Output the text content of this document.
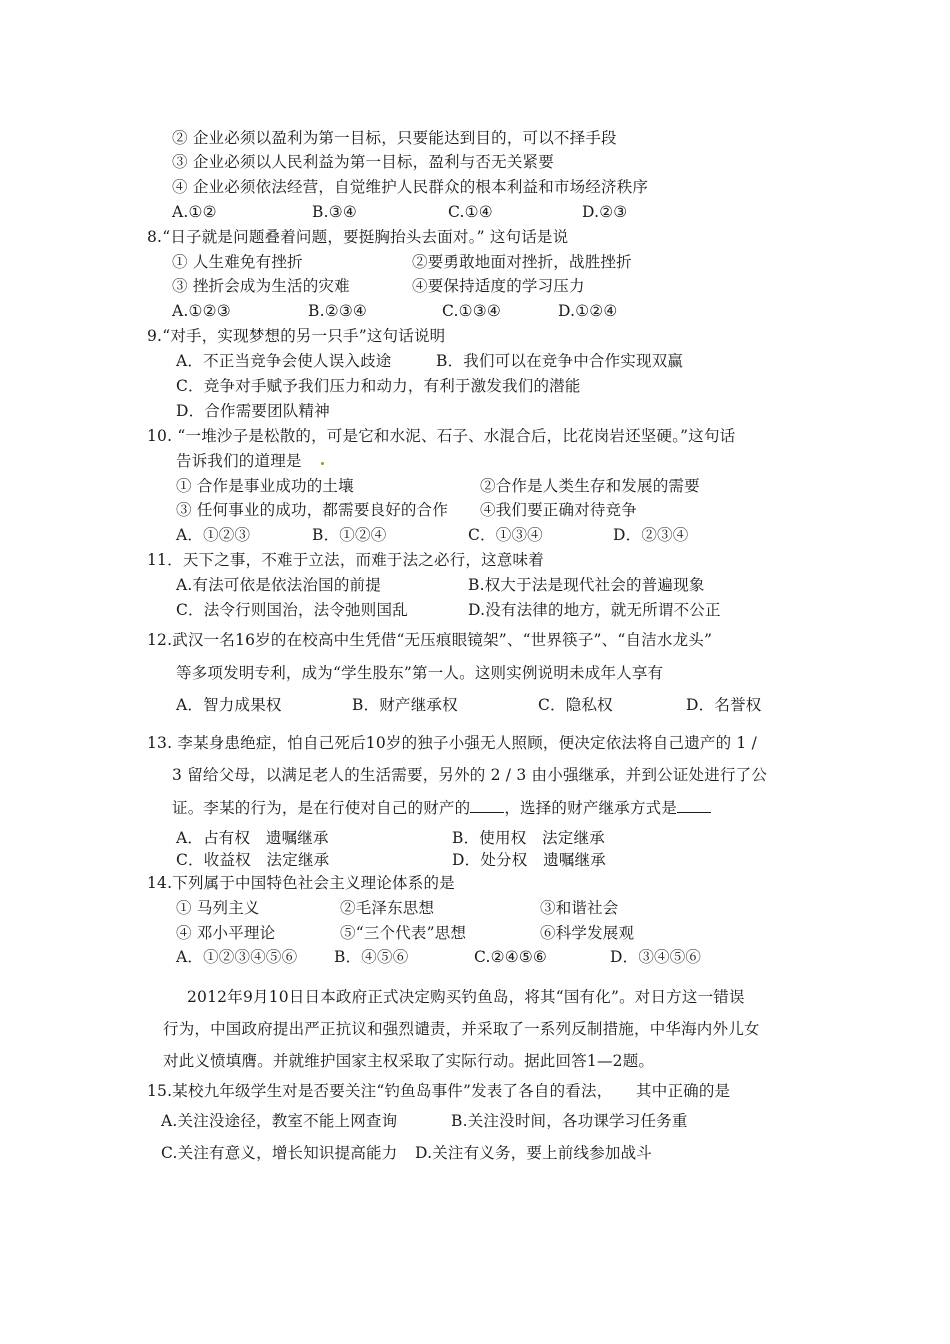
② 企业必须以盈利为第一目标，只要能达到目的，可以不择手段
③ 企业必须以人民利益为第一目标，盈利与否无关紧要
④ 企业必须依法经营，自觉维护人民群众的根本利益和市场经济秩序
A.①②	B.③④	C.①④	D.②③
8.“日子就是问题叠着问题，要挺胸抬头去面对。” 这句话是说
① 人生难免有挫折	②要勇敢地面对挫折，战胜挫折
③ 挫折会成为生活的灾难	④要保持适度的学习压力
A.①②③	B.②③④	C.①③④	D.①②④
9.“对手，实现梦想的另一只手”这句话说明
A．不正当竞争会使人误入歧途	B．我们可以在竞争中合作实现双赢
C．竞争对手赋予我们压力和动力，有利于激发我们的潜能
D．合作需要团队精神
10. “一堆沙子是松散的，可是它和水泥、石子、水混合后，比花岗岩还坚硬。”这句话
告诉我们的道理是
① 合作是事业成功的土壤	②合作是人类生存和发展的需要
③ 任何事业的成功，都需要良好的合作 ④我们要正确对待竞争
A．①②③	B．①②④	C．①③④	D．②③④
11．天下之事，不难于立法，而难于法之必行，这意味着
A.有法可依是依法治国的前提	B.权大于法是现代社会的普遍现象
C．法令行则国治，法令弛则国乱	D.没有法律的地方，就无所谓不公正
12.武汉一名16岁的在校高中生凭借“无压痕眼镜架”、“世界筷子”、“自洁水龙头”
等多项发明专利，成为“学生股东”第一人。这则实例说明未成年人享有
A．智力成果权	B．财产继承权	C．隐私权	D．名誉权
13. 李某身患绝症，怕自己死后10岁的独子小强无人照顾，便决定依法将自己遗产的 1 /
3 留给父母，以满足老人的生活需要，另外的 2 / 3 由小强继承，并到公证处进行了公
证。李某的行为，是在行使对自己的财产的 ，选择的财产继承方式是
A．占有权　遗嘱继承	B．使用权　法定继承
C．收益权　法定继承	D．处分权　遗嘱继承
14.下列属于中国特色社会主义理论体系的是
① 马列主义	②毛泽东思想	③和谐社会
④ 邓小平理论	⑤“三个代表”思想	⑥科学发展观
A．①②③④⑤⑥ B．④⑤⑥	C.②④⑤⑥	D．③④⑤⑥
2012年9月10日日本政府正式决定购买钓鱼岛，将其“国有化”。对日方这一错误
行为，中国政府提出严正抗议和强烈谴责，并采取了一系列反制措施，中华海内外儿女
对此义愤填膺。并就维护国家主权采取了实际行动。据此回答1—2题。
15.某校九年级学生对是否要关注“钓鱼岛事件”发表了各自的看法，　　其中正确的是
A.关注没途径，教室不能上网查询	B.关注没时间，各功课学习任务重
C.关注有意义，增长知识提高能力 D.关注有义务，要上前线参加战斗
